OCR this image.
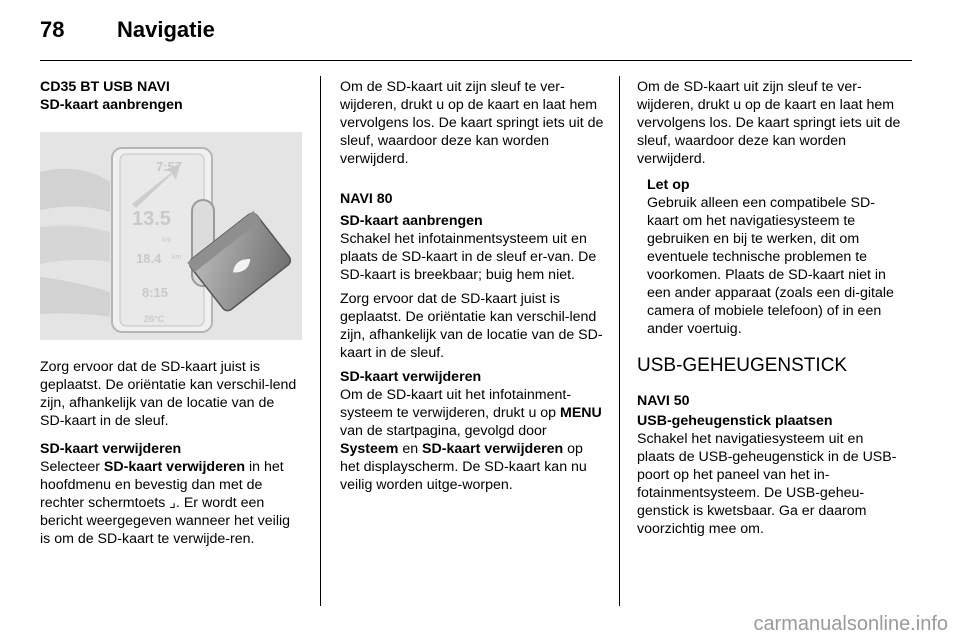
78 Navigatie

CD35 BT USB NAVI

SD-kaart aanbrengen

7:57
13.5
km
18.4 km
8:15
26°C

Zorg ervoor dat de SD-kaart juist is geplaatst. De oriëntatie kan verschil-lend zijn, afhankelijk van de locatie van de SD-kaart in de sleuf.

SD-kaart verwijderen

Selecteer SD-kaart verwijderen in het hoofdmenu en bevestig dan met de rechter schermtoets ⌟. Er wordt een bericht weergegeven wanneer het veilig is om de SD-kaart te verwijde-ren.

Om de SD-kaart uit zijn sleuf te ver-wijderen, drukt u op de kaart en laat hem vervolgens los. De kaart springt iets uit de sleuf, waardoor deze kan worden verwijderd.

NAVI 80

SD-kaart aanbrengen

Schakel het infotainmentsysteem uit en plaats de SD-kaart in de sleuf er-van. De SD-kaart is breekbaar; buig hem niet.

Zorg ervoor dat de SD-kaart juist is geplaatst. De oriëntatie kan verschil-lend zijn, afhankelijk van de locatie van de SD-kaart in de sleuf.

SD-kaart verwijderen

Om de SD-kaart uit het infotainment-systeem te verwijderen, drukt u op MENU van de startpagina, gevolgd door Systeem en SD-kaart verwijderen op het displayscherm. De SD-kaart kan nu veilig worden uitge-worpen.

Om de SD-kaart uit zijn sleuf te ver-wijderen, drukt u op de kaart en laat hem vervolgens los. De kaart springt iets uit de sleuf, waardoor deze kan worden verwijderd.

Let op

Gebruik alleen een compatibele SD-kaart om het navigatiesysteem te gebruiken en bij te werken, dit om eventuele technische problemen te voorkomen. Plaats de SD-kaart niet in een ander apparaat (zoals een di-gitale camera of mobiele telefoon) of in een ander voertuig.

USB-GEHEUGENSTICK

NAVI 50

USB-geheugenstick plaatsen

Schakel het navigatiesysteem uit en plaats de USB-geheugenstick in de USB-poort op het paneel van het in-fotainmentsysteem. De USB-geheu-genstick is kwetsbaar. Ga er daarom voorzichtig mee om.

carmanualsonline.info
